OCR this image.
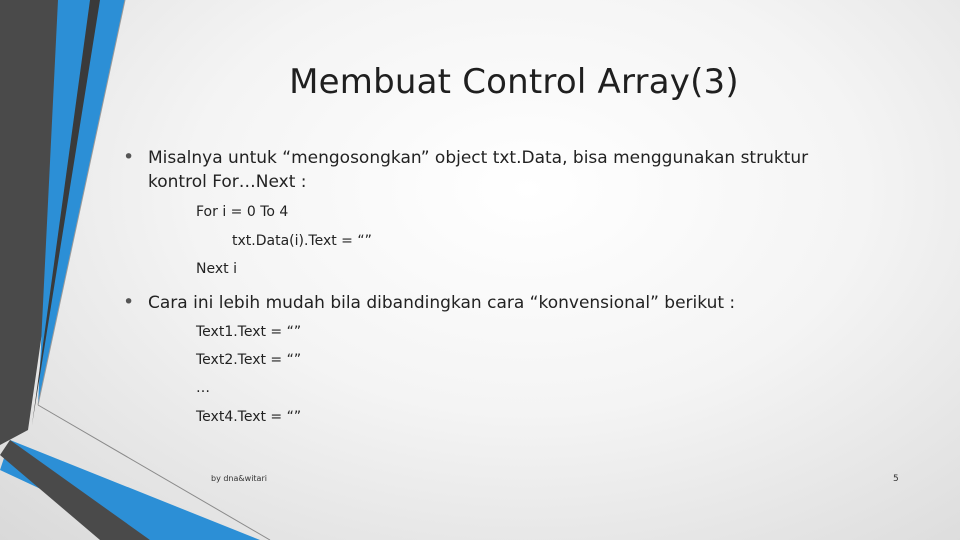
Membuat Control Array(3)
• Misalnya untuk “mengosongkan” object txt.Data, bisa menggunakan struktur kontrol For…Next :
For i = 0 To 4
txt.Data(i).Text = “”
Next i
• Cara ini lebih mudah bila dibandingkan cara “konvensional” berikut :
Text1.Text = “”
Text2.Text = “”
…
Text4.Text = “”
by dna&witari	5
